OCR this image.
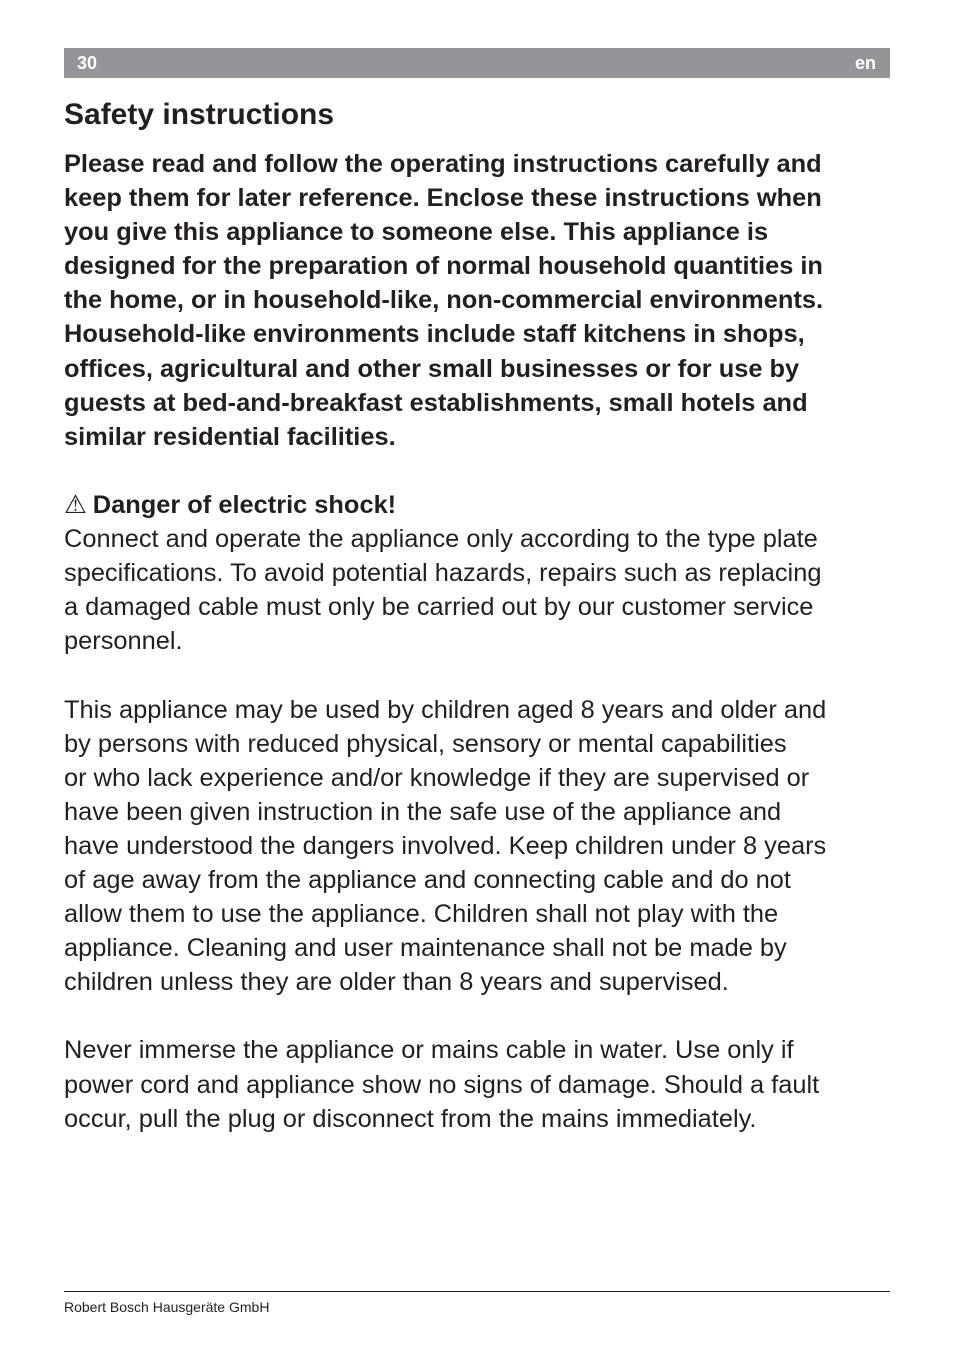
30	en
Safety instructions

Please read and follow the operating instructions carefully and
keep them for later reference. Enclose these instructions when
you give this appliance to someone else. This appliance is
designed for the preparation of normal household quantities in
the home, or in household-like, non-commercial environments.
Household-like environments include staff kitchens in shops,
offices, agricultural and other small businesses or for use by
guests at bed-and-breakfast establishments, small hotels and
similar residential facilities.

⚠ Danger of electric shock!
Connect and operate the appliance only according to the type plate
specifications. To avoid potential hazards, repairs such as replacing
a damaged cable must only be carried out by our customer service
personnel.

This appliance may be used by children aged 8 years and older and
by persons with reduced physical, sensory or mental capabilities
or who lack experience and/or knowledge if they are supervised or
have been given instruction in the safe use of the appliance and
have understood the dangers involved. Keep children under 8 years
of age away from the appliance and connecting cable and do not
allow them to use the appliance. Children shall not play with the
appliance. Cleaning and user maintenance shall not be made by
children unless they are older than 8 years and supervised.

Never immerse the appliance or mains cable in water. Use only if
power cord and appliance show no signs of damage. Should a fault
occur, pull the plug or disconnect from the mains immediately.

Robert Bosch Hausgeräte GmbH
